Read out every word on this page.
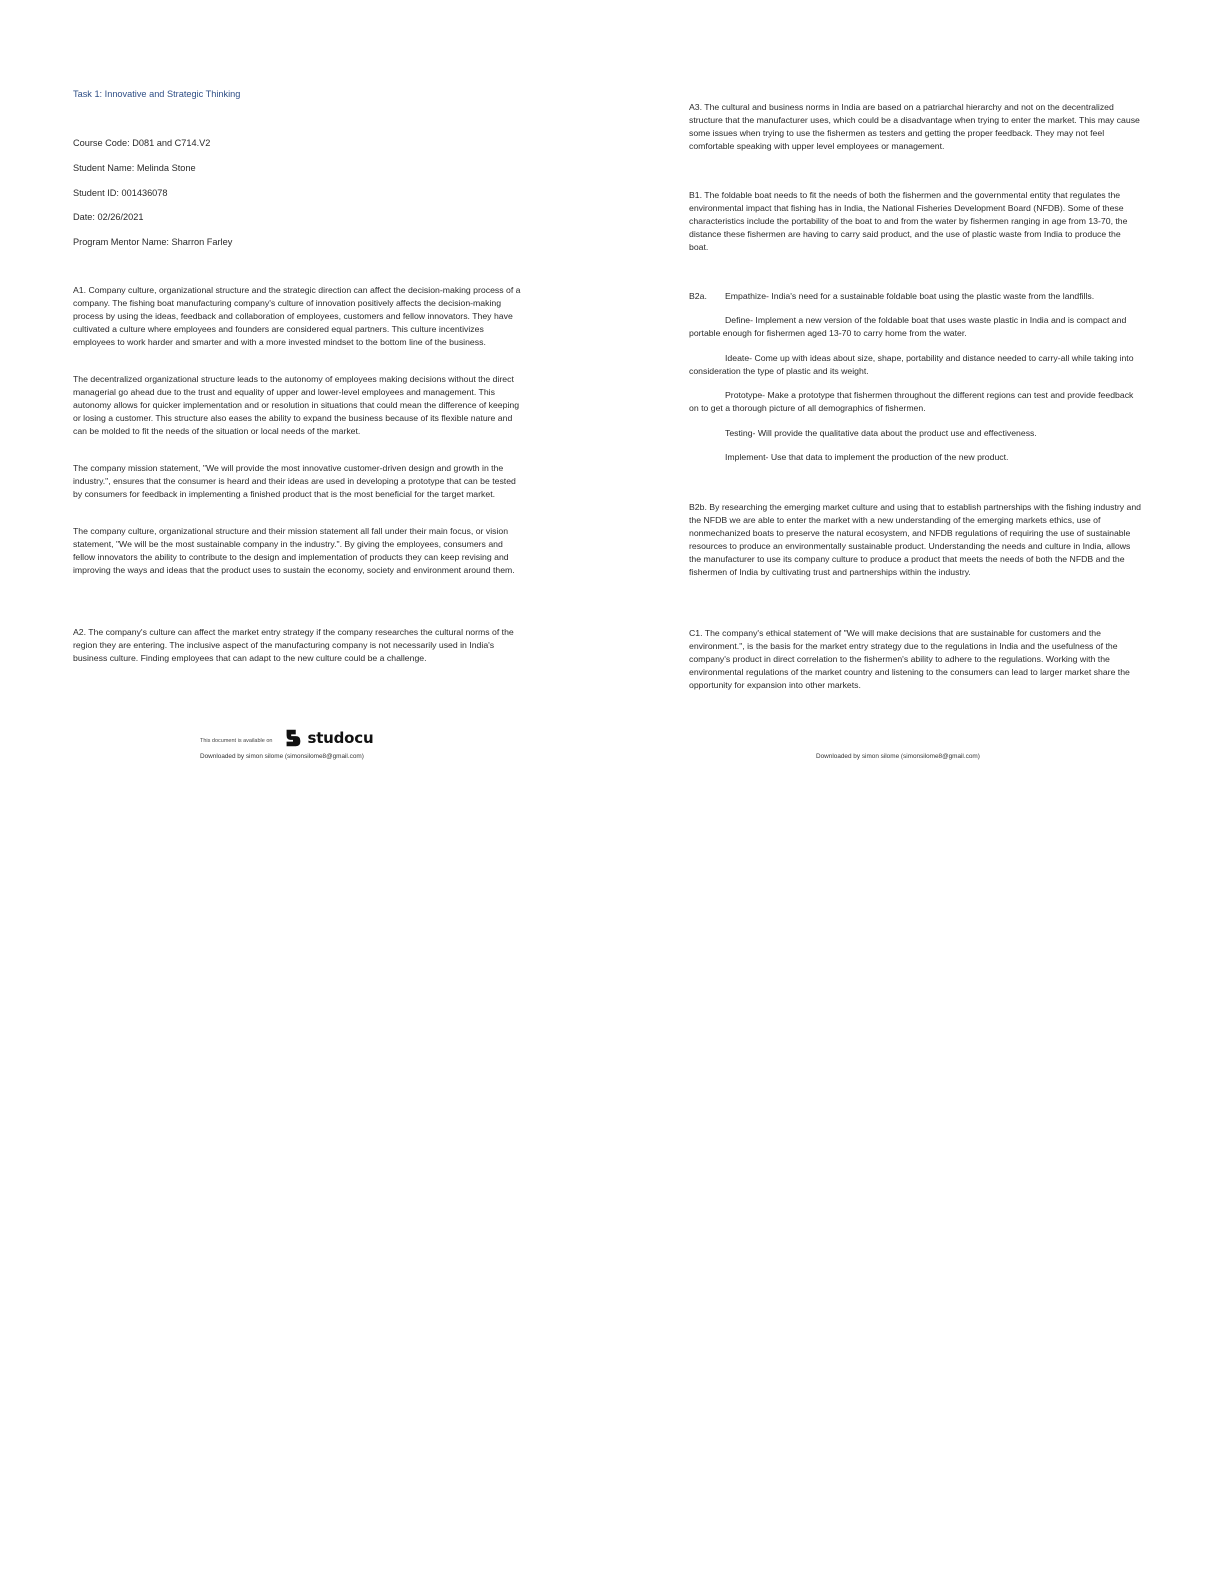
Task 1: Innovative and Strategic Thinking

Course Code: D081 and C714.V2

Student Name: Melinda Stone

Student ID: 001436078

Date: 02/26/2021

Program Mentor Name: Sharron Farley

A1. Company culture, organizational structure and the strategic direction can affect the decision-making process of a company. The fishing boat manufacturing company's culture of innovation positively affects the decision-making process by using the ideas, feedback and collaboration of employees, customers and fellow innovators. They have cultivated a culture where employees and founders are considered equal partners. This culture incentivizes employees to work harder and smarter and with a more invested mindset to the bottom line of the business.

The decentralized organizational structure leads to the autonomy of employees making decisions without the direct managerial go ahead due to the trust and equality of upper and lower-level employees and management. This autonomy allows for quicker implementation and or resolution in situations that could mean the difference of keeping or losing a customer. This structure also eases the ability to expand the business because of its flexible nature and can be molded to fit the needs of the situation or local needs of the market.

The company mission statement, "We will provide the most innovative customer-driven design and growth in the industry.", ensures that the consumer is heard and their ideas are used in developing a prototype that can be tested by consumers for feedback in implementing a finished product that is the most beneficial for the target market.

The company culture, organizational structure and their mission statement all fall under their main focus, or vision statement, "We will be the most sustainable company in the industry.". By giving the employees, consumers and fellow innovators the ability to contribute to the design and implementation of products they can keep revising and improving the ways and ideas that the product uses to sustain the economy, society and environment around them.

A2. The company's culture can affect the market entry strategy if the company researches the cultural norms of the region they are entering. The inclusive aspect of the manufacturing company is not necessarily used in India's business culture. Finding employees that can adapt to the new culture could be a challenge.

This document is available on studocu
Downloaded by simon silome (simonsilome8@gmail.com)

A3. The cultural and business norms in India are based on a patriarchal hierarchy and not on the decentralized structure that the manufacturer uses, which could be a disadvantage when trying to enter the market. This may cause some issues when trying to use the fishermen as testers and getting the proper feedback. They may not feel comfortable speaking with upper level employees or management.

B1. The foldable boat needs to fit the needs of both the fishermen and the governmental entity that regulates the environmental impact that fishing has in India, the National Fisheries Development Board (NFDB). Some of these characteristics include the portability of the boat to and from the water by fishermen ranging in age from 13-70, the distance these fishermen are having to carry said product, and the use of plastic waste from India to produce the boat.

B2a.	Empathize- India's need for a sustainable foldable boat using the plastic waste from the landfills.

Define- Implement a new version of the foldable boat that uses waste plastic in India and is compact and portable enough for fishermen aged 13-70 to carry home from the water.

Ideate- Come up with ideas about size, shape, portability and distance needed to carry-all while taking into consideration the type of plastic and its weight.

Prototype- Make a prototype that fishermen throughout the different regions can test and provide feedback on to get a thorough picture of all demographics of fishermen.

Testing- Will provide the qualitative data about the product use and effectiveness.

Implement- Use that data to implement the production of the new product.

B2b. By researching the emerging market culture and using that to establish partnerships with the fishing industry and the NFDB we are able to enter the market with a new understanding of the emerging markets ethics, use of nonmechanized boats to preserve the natural ecosystem, and NFDB regulations of requiring the use of sustainable resources to produce an environmentally sustainable product. Understanding the needs and culture in India, allows the manufacturer to use its company culture to produce a product that meets the needs of both the NFDB and the fishermen of India by cultivating trust and partnerships within the industry.

C1. The company's ethical statement of "We will make decisions that are sustainable for customers and the environment.", is the basis for the market entry strategy due to the regulations in India and the usefulness of the company's product in direct correlation to the fishermen's ability to adhere to the regulations. Working with the environmental regulations of the market country and listening to the consumers can lead to larger market share the opportunity for expansion into other markets.

Downloaded by simon silome (simonsilome8@gmail.com)
